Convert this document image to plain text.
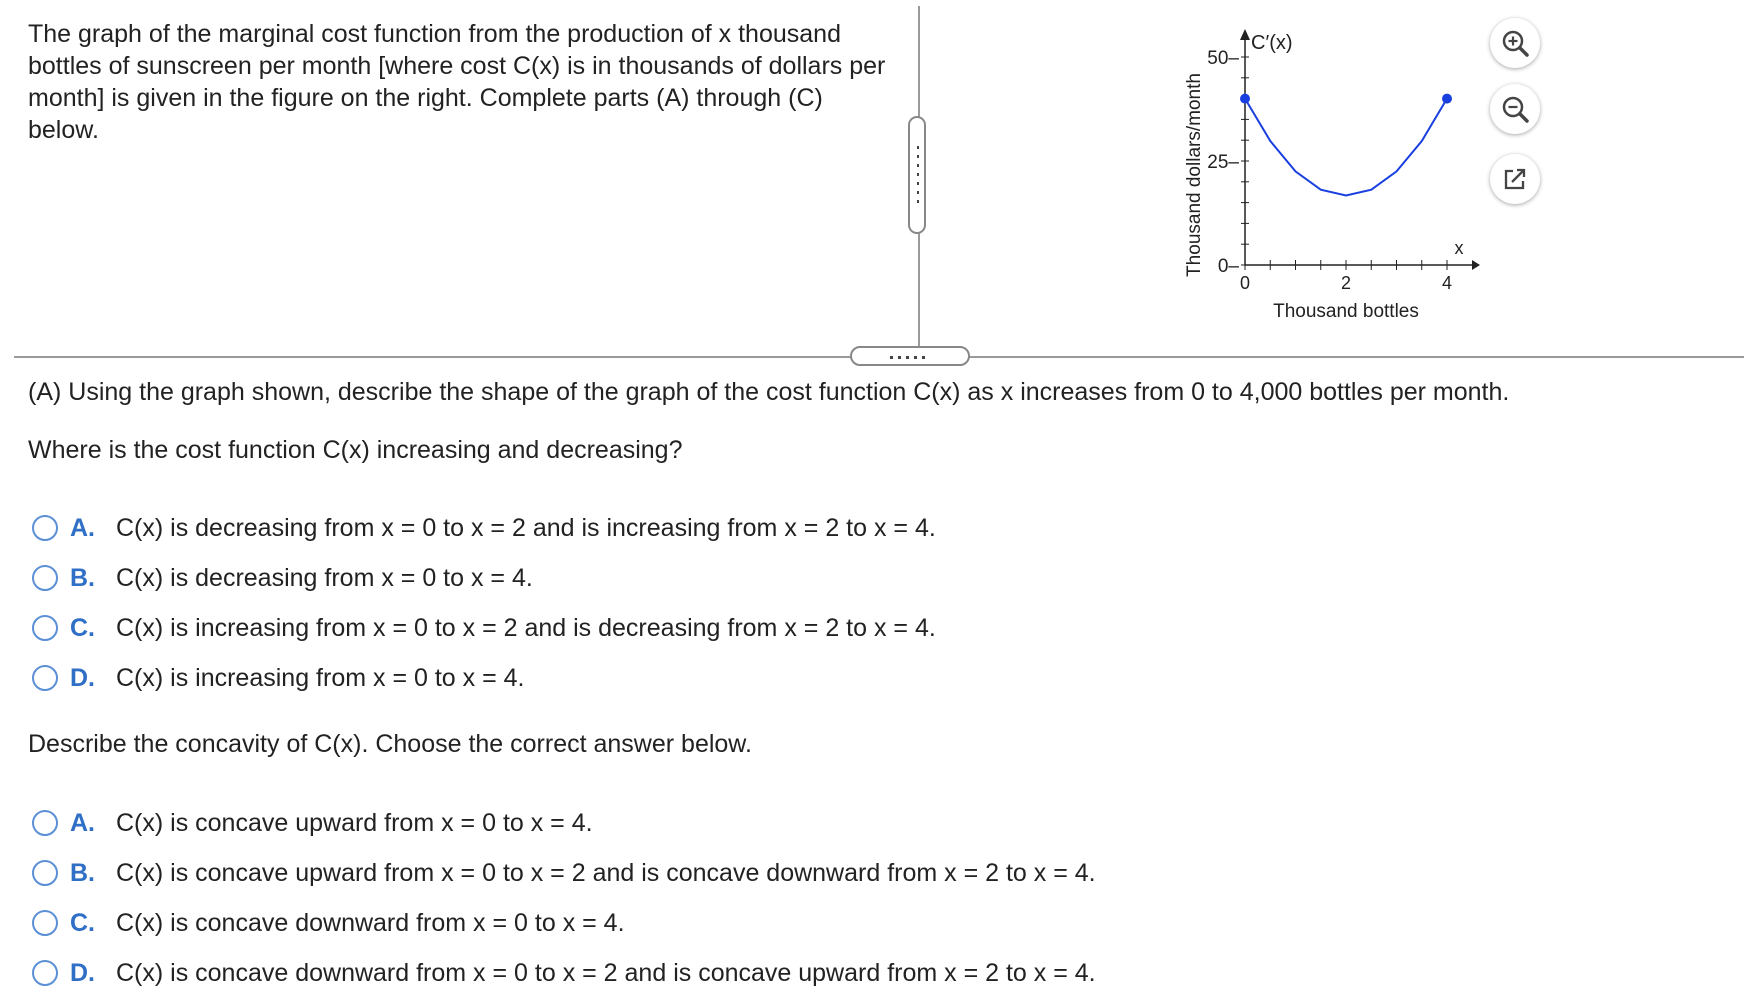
The graph of the marginal cost function from the production of x thousand bottles of sunscreen per month [where cost C(x) is in thousands of dollars per month] is given in the figure on the right. Complete parts (A) through (C) below.	Thousand dollars/month 0–
25–
50–
0	2	4
Thousand bottles
x
C′(x)
(A) Using the graph shown, describe the shape of the graph of the cost function C(x) as x increases from 0 to 4,000 bottles per month.
Where is the cost function C(x) increasing and decreasing?
A. C(x) is decreasing from x = 0 to x = 2 and is increasing from x = 2 to x = 4.
B. C(x) is decreasing from x = 0 to x = 4.
C. C(x) is increasing from x = 0 to x = 2 and is decreasing from x = 2 to x = 4.
D. C(x) is increasing from x = 0 to x = 4.
Describe the concavity of C(x). Choose the correct answer below.
A. C(x) is concave upward from x = 0 to x = 4.
B. C(x) is concave upward from x = 0 to x = 2 and is concave downward from x = 2 to x = 4.
C. C(x) is concave downward from x = 0 to x = 4.
D. C(x) is concave downward from x = 0 to x = 2 and is concave upward from x = 2 to x = 4.
